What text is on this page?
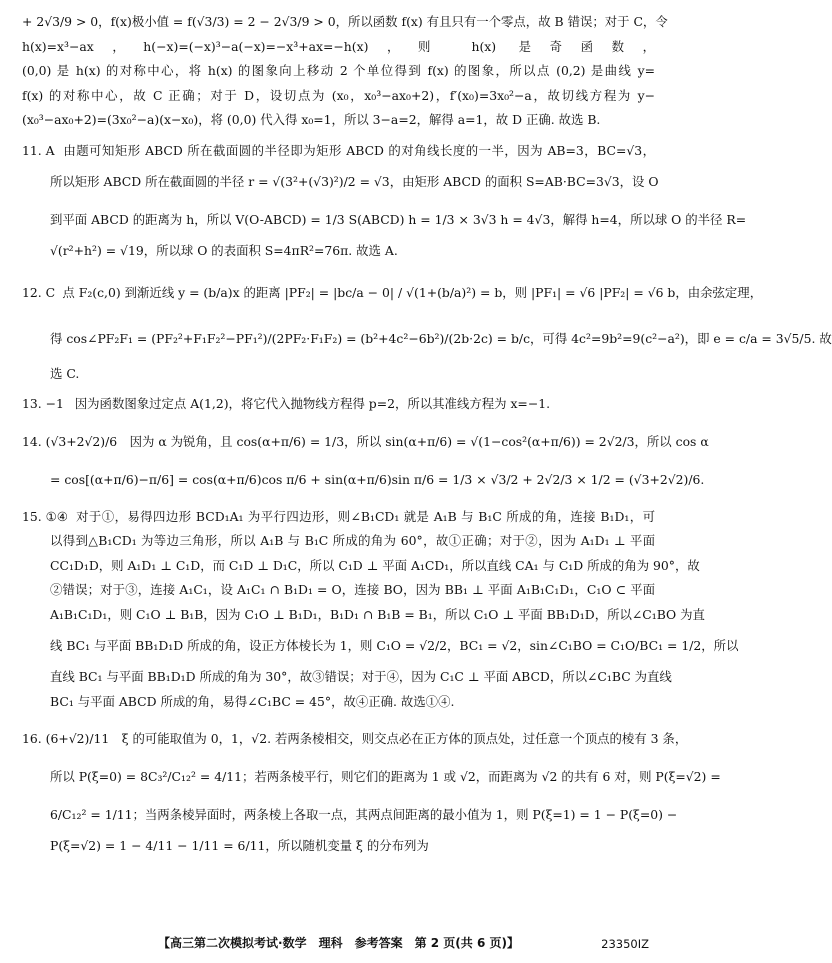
+ 2√3/9 > 0，f(x)极小值 = f(√3/3) = 2 − 2√3/9 > 0，所以函数 f(x) 有且只有一个零点，故 B 错误；对于 C，令
h(x)=x³−ax，h(−x)=(−x)³−a(−x)=−x³+ax=−h(x)，则 h(x) 是奇函数，
(0,0) 是 h(x) 的对称中心，将 h(x) 的图象向上移动 2 个单位得到 f(x) 的图象，所以点 (0,2) 是曲线 y=
f(x) 的对称中心，故 C 正确；对于 D，设切点为 (x₀，x₀³−ax₀+2)，f′(x₀)=3x₀²−a，故切线方程为 y−
(x₀³−ax₀+2)=(3x₀²−a)(x−x₀)，将 (0,0) 代入得 x₀=1，所以 3−a=2，解得 a=1，故 D 正确. 故选 B.
11. A　 由题可知矩形 ABCD 所在截面圆的半径即为矩形 ABCD 的对角线长度的一半，因为 AB=3，BC=√3，
所以矩形 ABCD 所在截面圆的半径 r = √(3²+(√3)²)/2 = √3，由矩形 ABCD 的面积 S=AB·BC=3√3，设 O
到平面 ABCD 的距离为 h，所以 V(O-ABCD) = 1/3 S(ABCD) h = 1/3 × 3√3 h = 4√3，解得 h=4，所以球 O 的半径 R=
√(r²+h²) = √19，所以球 O 的表面积 S=4πR²=76π. 故选 A.
12. C　 点 F₂(c,0) 到渐近线 y = (b/a)x 的距离 |PF₂| = |bc/a − 0| / √(1+(b/a)²) = b，则 |PF₁| = √6 |PF₂| = √6 b，由余弦定理，
得 cos∠PF₂F₁ = (PF₂²+F₁F₂²−PF₁²)/(2PF₂·F₁F₂) = (b²+4c²−6b²)/(2b·2c) = b/c，可得 4c²=9b²=9(c²−a²)，即 e = c/a = 3√5/5. 故
选 C.
13. −1　　 因为函数图象过定点 A(1,2)，将它代入抛物线方程得 p=2，所以其准线方程为 x=−1.
14. (√3+2√2)/6　 因为 α 为锐角，且 cos(α+π/6) = 1/3，所以 sin(α+π/6) = √(1−cos²(α+π/6)) = 2√2/3，所以 cos α
= cos[(α+π/6)−π/6] = cos(α+π/6)cos π/6 + sin(α+π/6)sin π/6 = 1/3 × √3/2 + 2√2/3 × 1/2 = (√3+2√2)/6.
15. ①④　　 对于①，易得四边形 BCD₁A₁ 为平行四边形，则∠B₁CD₁ 就是 A₁B 与 B₁C 所成的角，连接 B₁D₁，可
以得到△B₁CD₁ 为等边三角形，所以 A₁B 与 B₁C 所成的角为 60°，故①正确；对于②，因为 A₁D₁ ⊥ 平面
CC₁D₁D，则 A₁D₁ ⊥ C₁D，而 C₁D ⊥ D₁C，所以 C₁D ⊥ 平面 A₁CD₁，所以直线 CA₁ 与 C₁D 所成的角为 90°，故
②错误；对于③，连接 A₁C₁，设 A₁C₁ ∩ B₁D₁ = O，连接 BO，因为 BB₁ ⊥ 平面 A₁B₁C₁D₁，C₁O ⊂ 平面
A₁B₁C₁D₁，则 C₁O ⊥ B₁B，因为 C₁O ⊥ B₁D₁，B₁D₁ ∩ B₁B = B₁，所以 C₁O ⊥ 平面 BB₁D₁D，所以∠C₁BO 为直
线 BC₁ 与平面 BB₁D₁D 所成的角，设正方体棱长为 1，则 C₁O = √2/2，BC₁ = √2，sin∠C₁BO = C₁O/BC₁ = 1/2，所以
直线 BC₁ 与平面 BB₁D₁D 所成的角为 30°，故③错误；对于④，因为 C₁C ⊥ 平面 ABCD，所以∠C₁BC 为直线
BC₁ 与平面 ABCD 所成的角，易得∠C₁BC = 45°，故④正确. 故选①④.
16. (6+√2)/11　 ξ 的可能取值为 0，1，√2. 若两条棱相交，则交点必在正方体的顶点处，过任意一个顶点的棱有 3 条，
所以 P(ξ=0) = 8C₃²/C₁₂² = 4/11；若两条棱平行，则它们的距离为 1 或 √2，而距离为 √2 的共有 6 对，则 P(ξ=√2) =
6/C₁₂² = 1/11；当两条棱异面时，两条棱上各取一点，其两点间距离的最小值为 1，则 P(ξ=1) = 1 − P(ξ=0) −
P(ξ=√2) = 1 − 4/11 − 1/11 = 6/11，所以随机变量 ξ 的分布列为
【高三第二次模拟考试·数学　理科　参考答案　第 2 页(共 6 页)】	23350IZ
